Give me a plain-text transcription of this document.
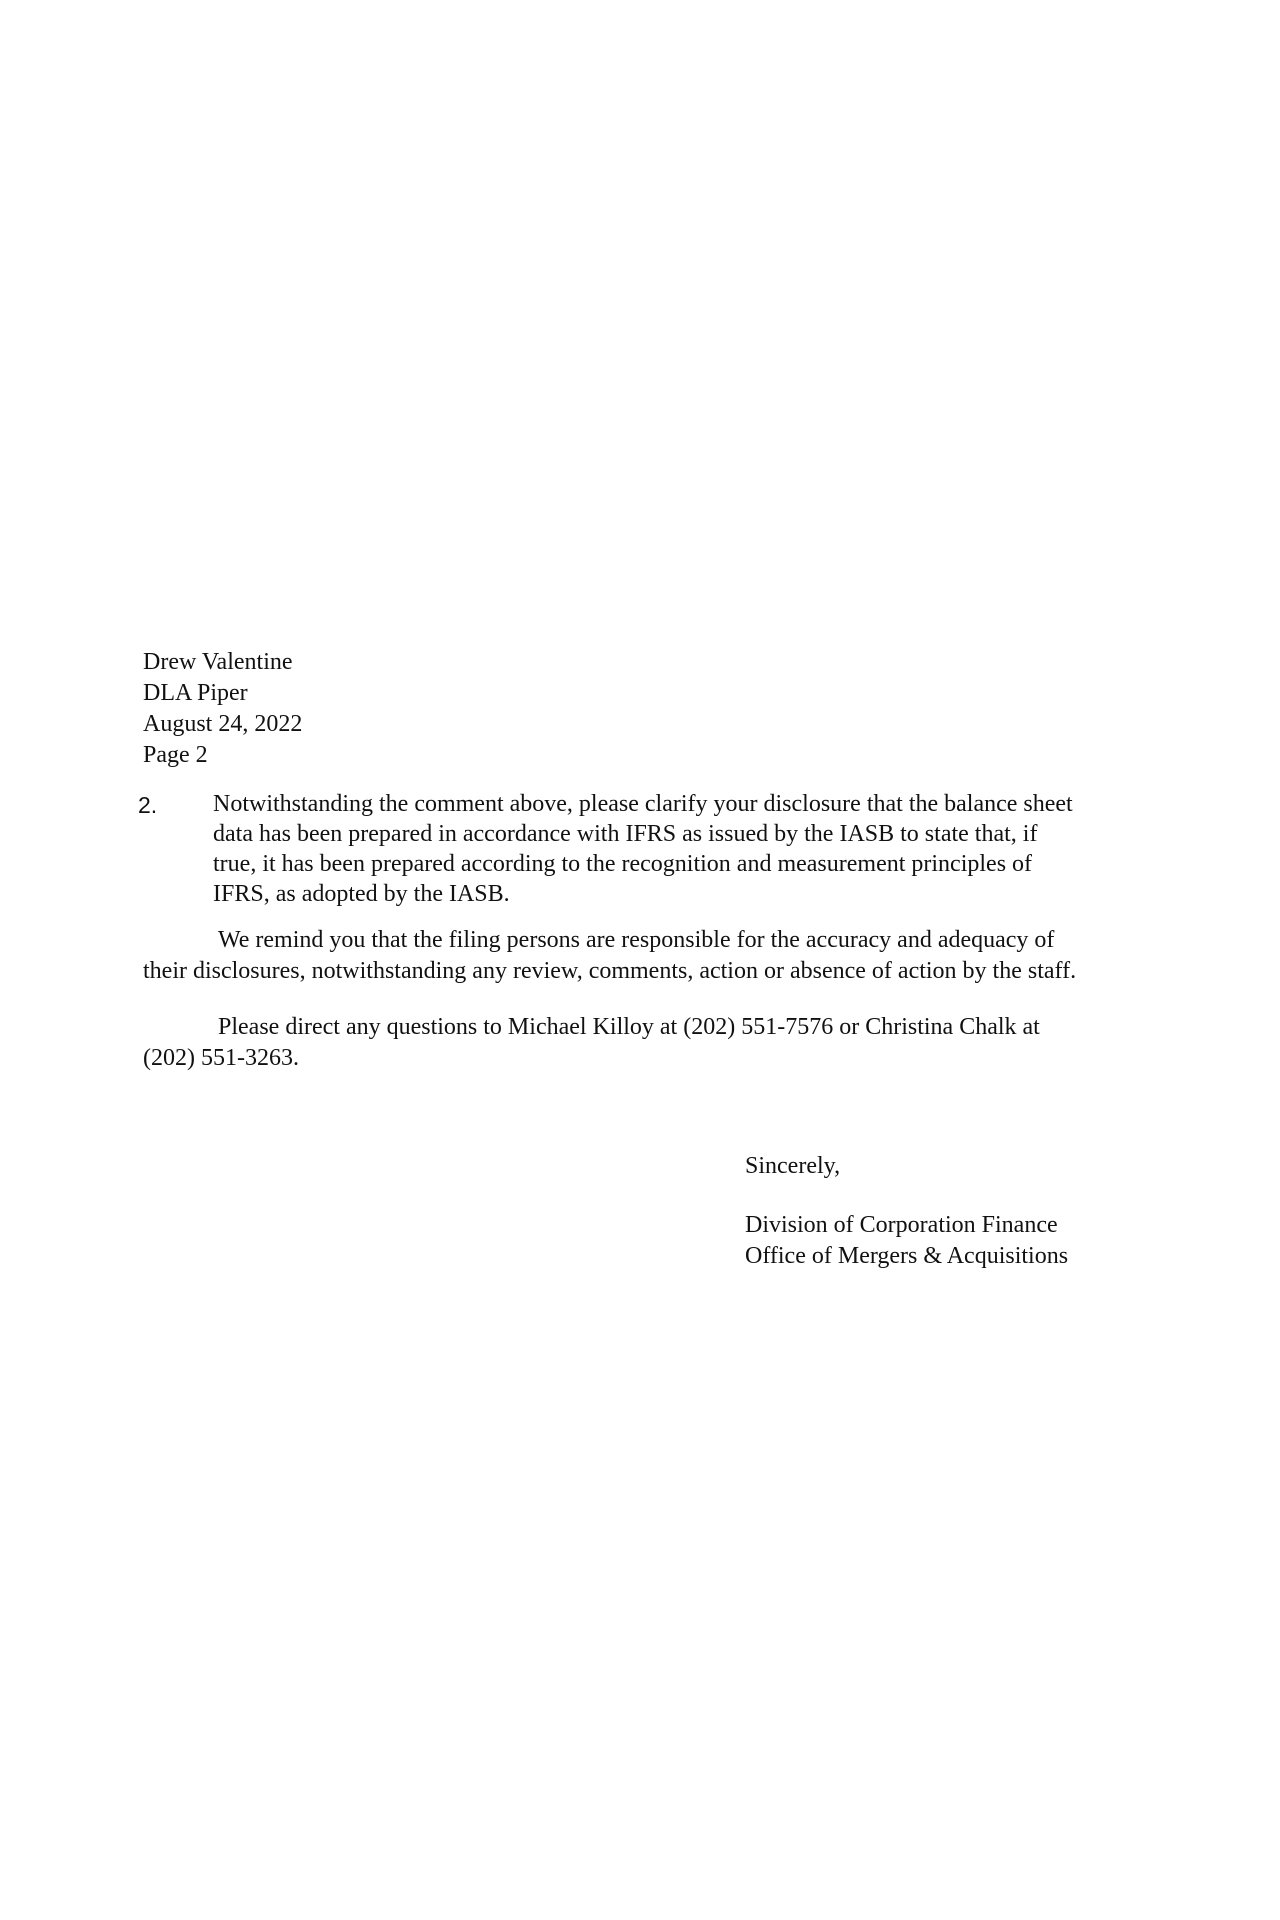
Drew Valentine
DLA Piper
August 24, 2022
Page 2
2. Notwithstanding the comment above, please clarify your disclosure that the balance sheet
data has been prepared in accordance with IFRS as issued by the IASB to state that, if
true, it has been prepared according to the recognition and measurement principles of
IFRS, as adopted by the IASB.
We remind you that the filing persons are responsible for the accuracy and adequacy of
their disclosures, notwithstanding any review, comments, action or absence of action by the staff.
Please direct any questions to Michael Killoy at (202) 551-7576 or Christina Chalk at
(202) 551-3263.
Sincerely,
Division of Corporation Finance
Office of Mergers & Acquisitions
